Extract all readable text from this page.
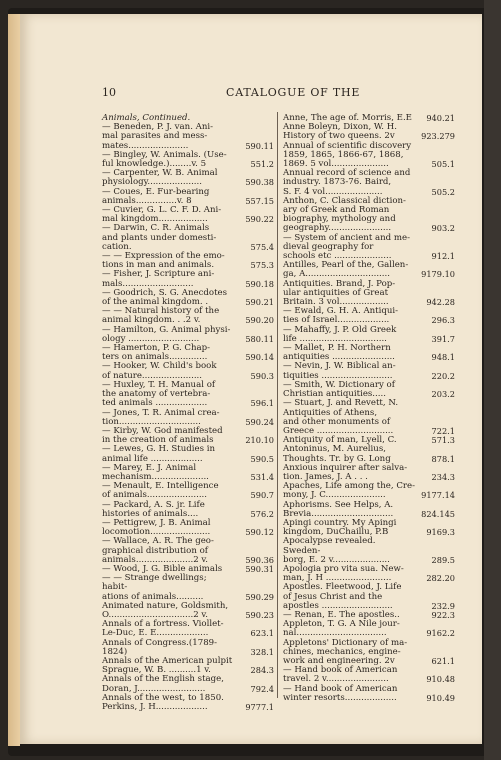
10	CATALOGUE OF THE
Animals, Continued.
— Beneden, P. J. van. Ani-
mal parasites and mess-
mates......................	590.11
— Bingley, W. Animals. (Use-
ful knowledge.)........v. 5	551.2
— Carpenter, W. B. Animal
physiology....................	590.38
— Coues, E. Fur-bearing
animals...............v. 8	557.15
— Cuvier, G. L. C. F. D. Ani-
mal kingdom..................	590.22
— Darwin, C. R. Animals
and plants under domesti-
cation.	575.4
— — Expression of the emo-
tions in man and animals.	575.3
— Fisher, J. Scripture ani-
mals..........................	590.18
— Goodrich, S. G. Anecdotes
of the animal kingdom. .	590.21
— — Natural history of the
animal kingdom. . .2 v.	590.20
— Hamilton, G. Animal physi-
ology ..........................	580.11
— Hamerton, P. G. Chap-
ters on animals..............	590.14
— Hooker, W. Child's book
of nature......................	590.3
— Huxley, T. H. Manual of
the anatomy of vertebra-
ted animals ...................	596.1
— Jones, T. R. Animal crea-
tion..............................	590.24
— Kirby, W. God manifested
in the creation of animals	210.10
— Lewes, G. H. Studies in
animal life ...................	590.5
— Marey, E. J. Animal
mechanism.....................	531.4
— Menault, E. Intelligence
of animals......................	590.7
— Packard, A. S. jr. Life
histories of animals....	576.2
— Pettigrew, J. B. Animal
locomotion......................	590.12
— Wallace, A. R. The geo-
graphical distribution of
animals.....................2 v.	590.36
— Wood, J. G. Bible animals	590.31
— — Strange dwellings; habit-
ations of animals..........	590.29
Animated nature, Goldsmith,
O...............................2 v.	590.23
Annals of a fortress. Viollet-
Le-Duc, E. E...................	623.1
Annals of Congress.(1789-1824)	328.1
Annals of the American pulpit
Sprague, W. B. ..........1 v.	284.3
Annals of the English stage,
Doran, J.........................	792.4
Annals of the west, to 1850.
Perkins, J. H...................	9777.1
Anne, The age of. Morris, E.E	940.21
Anne Boleyn, Dixon, W. H.
History of two queens. 2v	923.279
Annual of scientific discovery
1859, 1865, 1866-67, 1868,
1869. 5 vol.....................	505.1
Annual record of science and
industry. 1873-76. Baird,
S. F. 4 vol.....................	505.2
Anthon, C. Classical diction-
ary of Greek and Roman
biography, mythology and
geography.......................	903.2
— System of ancient and me-
dieval geography for
schools etc .....................	912.1
Antilles, Pearl of the, Gallen-
ga, A...............................	9179.10
Antiquities. Brand, J. Pop-
ular antiquities of Great
Britain. 3 vol..................	942.28
— Ewald, G. H. A. Antiqui-
ties of Israel...................	296.3
— Mahaffy, J. P. Old Greek
life ................................	391.7
— Mallet, P. H. Northern
antiquities .......................	948.1
— Nevin, J. W. Biblical an-
tiquities ..........................	220.2
— Smith, W. Dictionary of
Christian antiquities.....	203.2
— Stuart, J. and Revett, N.
Antiquities of Athens,
and other monuments of
Greece ............................	722.1
Antiquity of man, Lyell, C.	571.3
Antoninus, M. Aurelius,
Thoughts. Tr. by G. Long	878.1
Anxious inquirer after salva-
tion. James, J. A . . .	234.3
Apaches, Life among the, Cre-
mony, J. C......................	9177.14
Aphorisms. See Helps, A.
Brevia..............................	824.145
Apingi country. My Apingi
kingdom, DuChaillu, P.B	9169.3
Apocalypse revealed. Sweden-
borg, E. 2 v.....................	289.5
Apologia pro vita sua. New-
man, J. H ........................	282.20
Apostles. Fleetwood, J. Life
of Jesus Christ and the
apostles ..........................	232.9
— Renan, E. The apostles..	922.3
Appleton, T. G. A Nile jour-
nal.................................	9162.2
Appletons' Dictionary of ma-
chines, mechanics, engine-
work and engineering. 2v	621.1
— Hand book of American
travel. 2 v.......................	910.48
— Hand book of American
winter resorts...................	910.49
